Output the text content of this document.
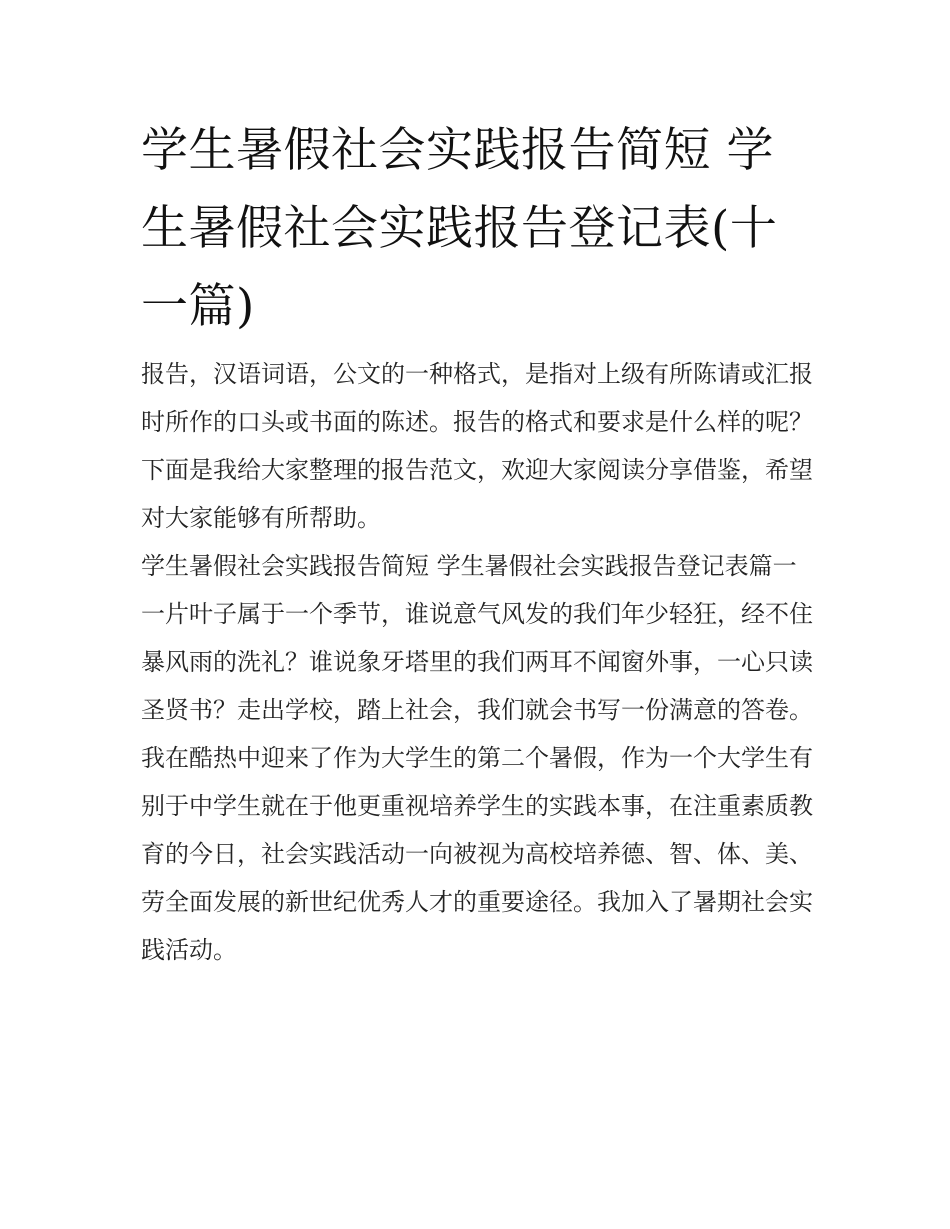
学生暑假社会实践报告简短 学生暑假社会实践报告登记表(十一篇)

报告，汉语词语，公文的一种格式，是指对上级有所陈请或汇报时所作的口头或书面的陈述。报告的格式和要求是什么样的呢？下面是我给大家整理的报告范文，欢迎大家阅读分享借鉴，希望对大家能够有所帮助。

学生暑假社会实践报告简短 学生暑假社会实践报告登记表篇一

一片叶子属于一个季节，谁说意气风发的我们年少轻狂，经不住暴风雨的洗礼？谁说象牙塔里的我们两耳不闻窗外事，一心只读圣贤书？走出学校，踏上社会，我们就会书写一份满意的答卷。

我在酷热中迎来了作为大学生的第二个暑假，作为一个大学生有别于中学生就在于他更重视培养学生的实践本事，在注重素质教育的今日，社会实践活动一向被视为高校培养德、智、体、美、劳全面发展的新世纪优秀人才的重要途径。我加入了暑期社会实践活动。
